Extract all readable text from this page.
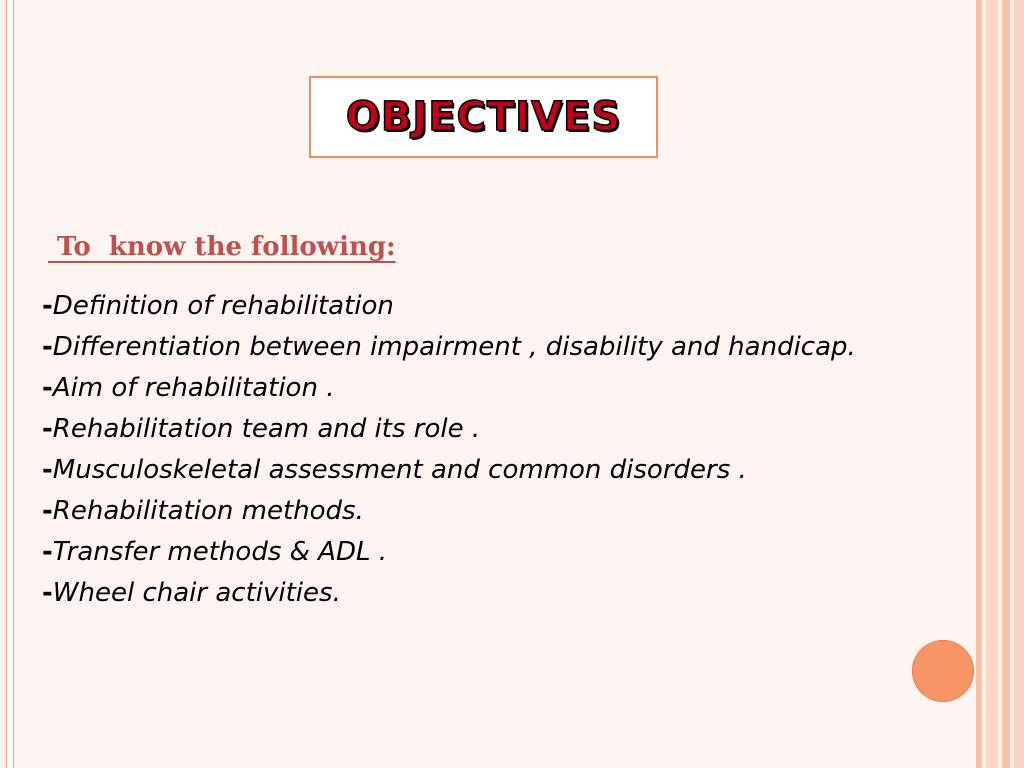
OBJECTIVES
To  know the following:
-Definition of rehabilitation
-Differentiation between impairment , disability and handicap.
-Aim of rehabilitation .
-Rehabilitation team and its role .
-Musculoskeletal assessment and common disorders .
-Rehabilitation methods.
-Transfer methods & ADL .
-Wheel chair activities.
